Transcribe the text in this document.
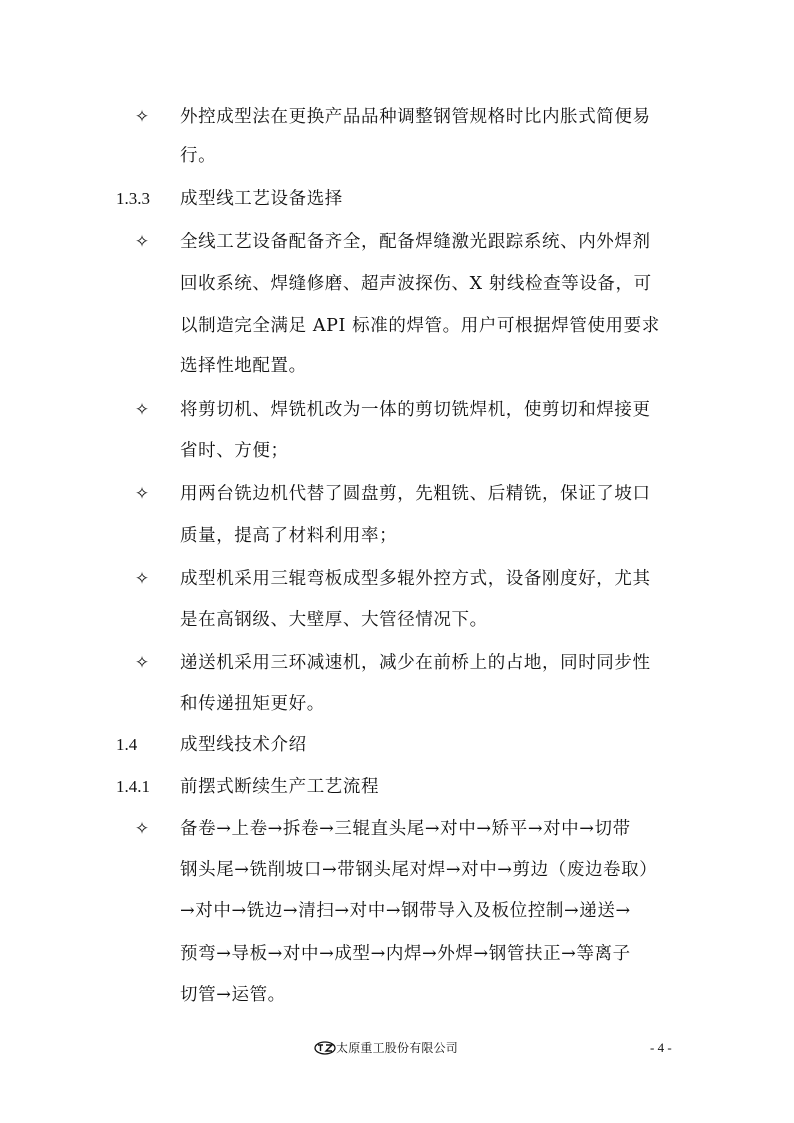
✧ 外控成型法在更换产品品种调整钢管规格时比内胀式简便易
行。
1.3.3 成型线工艺设备选择
✧ 全线工艺设备配备齐全，配备焊缝激光跟踪系统、内外焊剂
回收系统、焊缝修磨、超声波探伤、X 射线检查等设备，可
以制造完全满足 API 标准的焊管。用户可根据焊管使用要求
选择性地配置。
✧ 将剪切机、焊铣机改为一体的剪切铣焊机，使剪切和焊接更
省时、方便；
✧ 用两台铣边机代替了圆盘剪，先粗铣、后精铣，保证了坡口
质量，提高了材料利用率；
✧ 成型机采用三辊弯板成型多辊外控方式，设备刚度好，尤其
是在高钢级、大壁厚、大管径情况下。
✧ 递送机采用三环减速机，减少在前桥上的占地，同时同步性
和传递扭矩更好。
1.4 成型线技术介绍
1.4.1 前摆式断续生产工艺流程
✧ 备卷→上卷→拆卷→三辊直头尾→对中→矫平→对中→切带
钢头尾→铣削坡口→带钢头尾对焊→对中→剪边（废边卷取）
→对中→铣边→清扫→对中→钢带导入及板位控制→递送→
预弯→导板→对中→成型→内焊→外焊→钢管扶正→等离子
切管→运管。
太原重工股份有限公司	- 4 -
